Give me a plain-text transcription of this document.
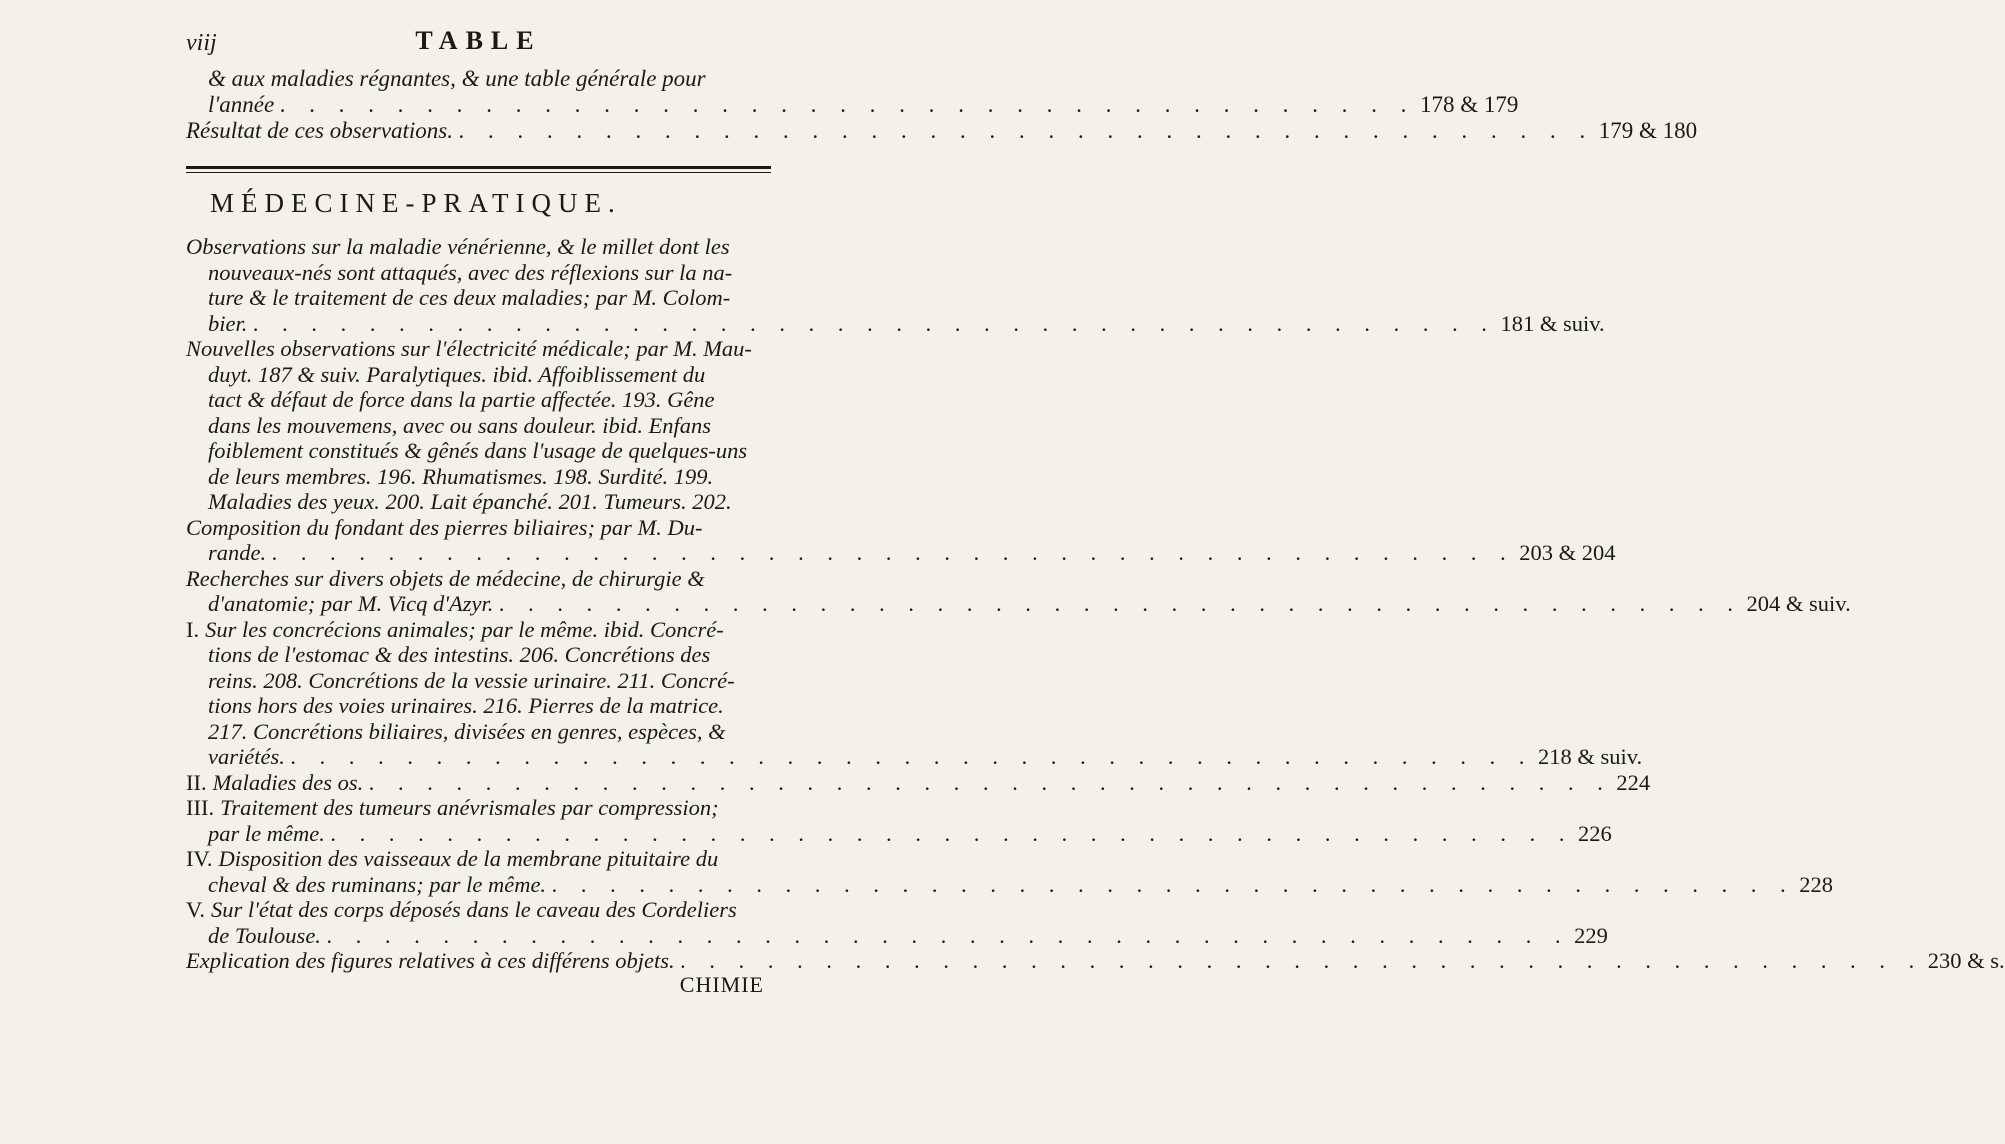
viij	TABLE
& aux maladies régnantes, & une table générale pour
l'année . . . . . . . . . . . . . . . . . . . . . . . . . . . . . . . . . . . . . . . 178 & 179
Résultat de ces observations. . . . . . . . . . . . . . . . . . . . . . . . . . . . . . . . . . . . . . . . 179 & 180
MÉDECINE-PRATIQUE.
Observations sur la maladie vénérienne, & le millet dont les
nouveaux-nés sont attaqués, avec des réflexions sur la na-
ture & le traitement de ces deux maladies; par M. Colom-
bier. . . . . . . . . . . . . . . . . . . . . . . . . . . . . . . . . . . . . . . . . . . . 181 & suiv.
Nouvelles observations sur l'électricité médicale; par M. Mau-
duyt. 187 & suiv. Paralytiques. ibid. Affoiblissement du
tact & défaut de force dans la partie affectée. 193. Gêne
dans les mouvemens, avec ou sans douleur. ibid. Enfans
foiblement constitués & gênés dans l'usage de quelques-uns
de leurs membres. 196. Rhumatismes. 198. Surdité. 199.
Maladies des yeux. 200. Lait épanché. 201. Tumeurs. 202.
Composition du fondant des pierres biliaires; par M. Du-
rande. . . . . . . . . . . . . . . . . . . . . . . . . . . . . . . . . . . . . . . . . . . . 203 & 204
Recherches sur divers objets de médecine, de chirurgie &
d'anatomie; par M. Vicq d'Azyr. . . . . . . . . . . . . . . . . . . . . . . . . . . . . . . . . . . . . . . . . . . . 204 & suiv.
I. Sur les concrécions animales; par le même. ibid. Concré-
tions de l'estomac & des intestins. 206. Concrétions des
reins. 208. Concrétions de la vessie urinaire. 211. Concré-
tions hors des voies urinaires. 216. Pierres de la matrice.
217. Concrétions biliaires, divisées en genres, espèces, &
variétés. . . . . . . . . . . . . . . . . . . . . . . . . . . . . . . . . . . . . . . . . . . . 218 & suiv.
II. Maladies des os. . . . . . . . . . . . . . . . . . . . . . . . . . . . . . . . . . . . . . . . . . . . 224
III. Traitement des tumeurs anévrismales par compression;
par le même. . . . . . . . . . . . . . . . . . . . . . . . . . . . . . . . . . . . . . . . . . . . 226
IV. Disposition des vaisseaux de la membrane pituitaire du
cheval & des ruminans; par le même. . . . . . . . . . . . . . . . . . . . . . . . . . . . . . . . . . . . . . . . . . . . 228
V. Sur l'état des corps déposés dans le caveau des Cordeliers
de Toulouse. . . . . . . . . . . . . . . . . . . . . . . . . . . . . . . . . . . . . . . . . . . . 229
Explication des figures relatives à ces différens objets. . . . . . . . . . . . . . . . . . . . . . . . . . . . . . . . . . . . . . . . . . . . 230 & s.
CHIMIE
